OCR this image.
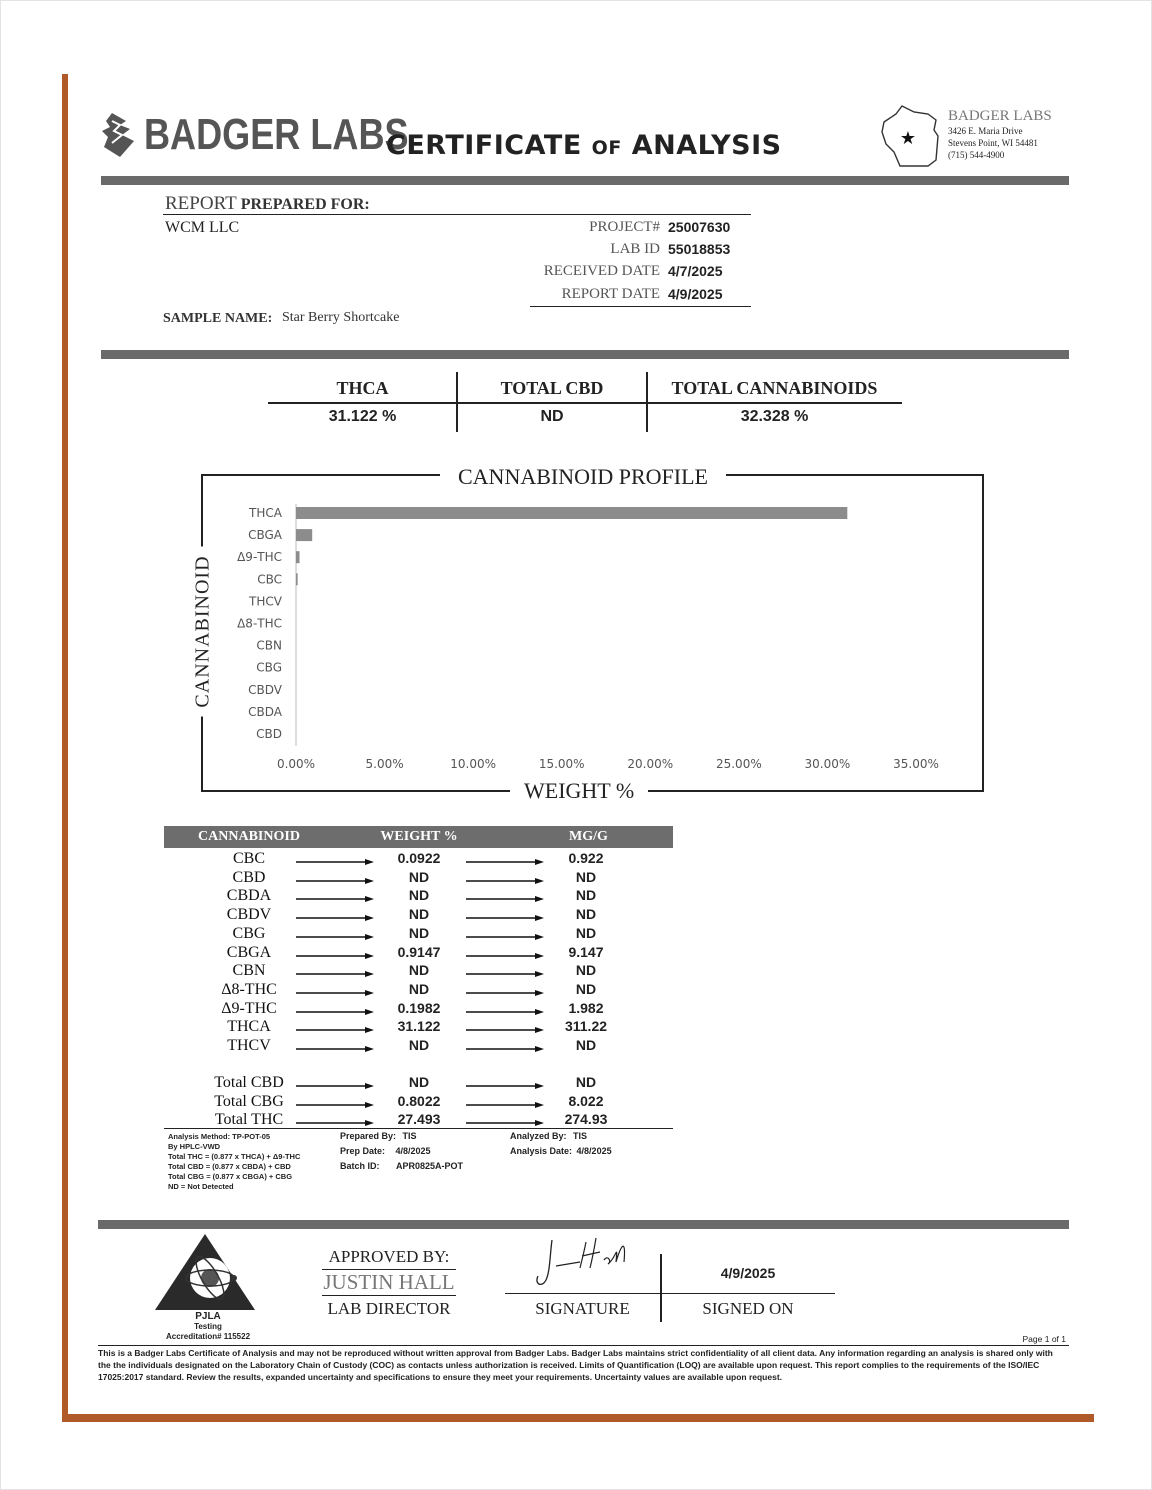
BADGER LABS
CERTIFICATE OF ANALYSIS	★
BADGER LABS
3426 E. Maria Drive
Stevens Point, WI 54481
(715) 544-4900
REPORT PREPARED FOR:
WCM LLC	PROJECT# 25007630
LAB ID 55018853
RECEIVED DATE 4/7/2025
REPORT DATE 4/9/2025
SAMPLE NAME: Star Berry Shortcake
THCA	TOTAL CBD	TOTAL CANNABINOIDS
31.122 %	ND	32.328 %
THCA
CBGA
Δ9-THC
CBC
THCV
Δ8-THC
CBN
CBG
CBDV
CBDA
CBD
0.00%	5.00%	10.00%	15.00%	20.00%	25.00%	30.00%	35.00%
CANNABINOID PROFILE
WEIGHT %
CANNABINOID
CANNABINOID	WEIGHT %	MG/G
CBC	0.0922	0.922
CBD	ND	ND
CBDA	ND	ND
CBDV	ND	ND
CBG	ND	ND
CBGA	0.9147	9.147
CBN	ND	ND
Δ8-THC	ND	ND
Δ9-THC	0.1982	1.982
THCA	31.122	311.22
THCV	ND	ND
Total CBD	ND	ND
Total CBG	0.8022	8.022
Total THC	27.493	274.93
Analysis Method: TP-POT-05
By HPLC-VWD
Total THC = (0.877 x THCA) + Δ9-THC
Total CBD = (0.877 x CBDA) + CBD
Total CBG = (0.877 x CBGA) + CBG
ND = Not Detected
Prepared By: TIS
Prep Date: 4/8/2025
Batch ID: APR0825A-POT
Analyzed By: TIS
Analysis Date: 4/8/2025
PJLA
Testing
Accreditation# 115522
APPROVED BY:
JUSTIN HALL
LAB DIRECTOR	SIGNATURE
4/9/2025
SIGNED ON
Page 1 of 1
This is a Badger Labs Certificate of Analysis and may not be reproduced without written approval from Badger Labs. Badger Labs maintains strict confidentiality of all client data. Any information regarding an analysis is shared only with the the individuals designated on the Laboratory Chain of Custody (COC) as contacts unless authorization is received. Limits of Quantification (LOQ) are available upon request. This report complies to the requirements of the ISO/IEC 17025:2017 standard. Review the results, expanded uncertainty and specifications to ensure they meet your requirements. Uncertainty values are available upon request.
